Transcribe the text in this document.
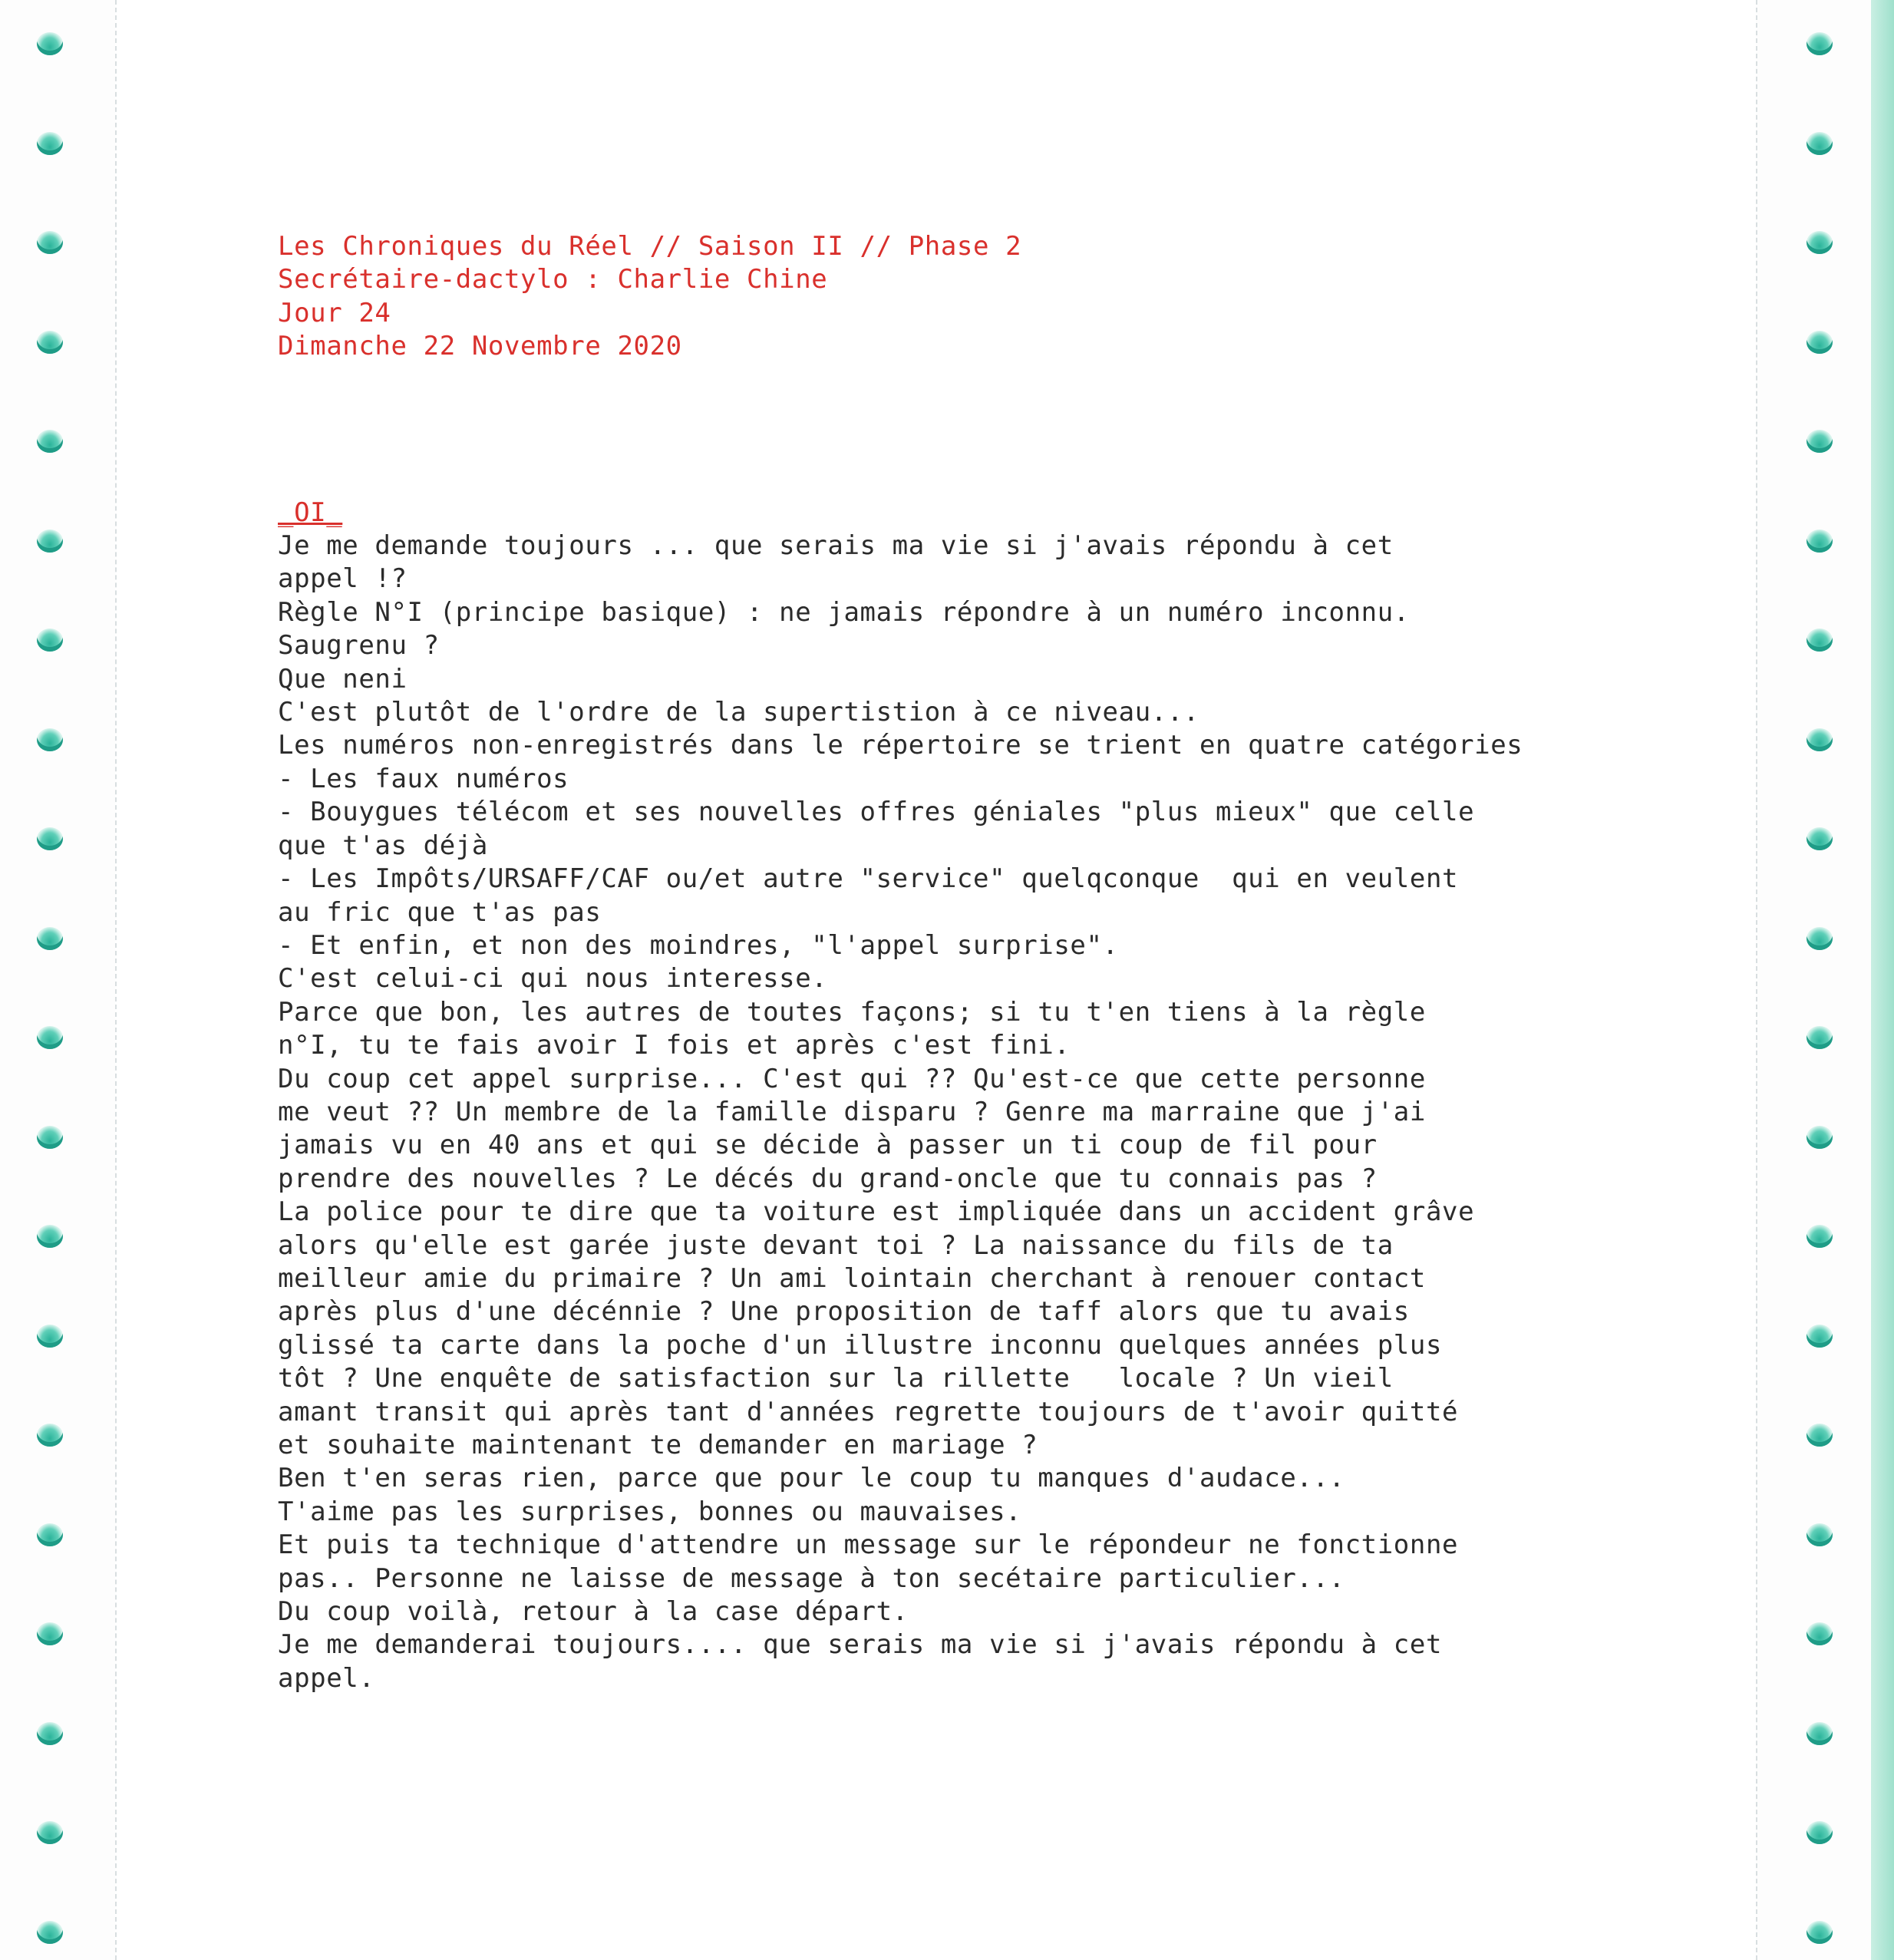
Les Chroniques du Réel // Saison II // Phase 2
Secrétaire-dactylo : Charlie Chine
Jour 24
Dimanche 22 Novembre 2020
_OI_
Je me demande toujours ... que serais ma vie si j'avais répondu à cet
appel !?
Règle N°I (principe basique) : ne jamais répondre à un numéro inconnu.
Saugrenu ?
Que neni
C'est plutôt de l'ordre de la supertistion à ce niveau...
Les numéros non-enregistrés dans le répertoire se trient en quatre catégories
- Les faux numéros
- Bouygues télécom et ses nouvelles offres géniales "plus mieux" que celle
que t'as déjà
- Les Impôts/URSAFF/CAF ou/et autre "service" quelqconque  qui en veulent
au fric que t'as pas
- Et enfin, et non des moindres, "l'appel surprise".
C'est celui-ci qui nous interesse.
Parce que bon, les autres de toutes façons; si tu t'en tiens à la règle
n°I, tu te fais avoir I fois et après c'est fini.
Du coup cet appel surprise... C'est qui ?? Qu'est-ce que cette personne
me veut ?? Un membre de la famille disparu ? Genre ma marraine que j'ai
jamais vu en 40 ans et qui se décide à passer un ti coup de fil pour
prendre des nouvelles ? Le décés du grand-oncle que tu connais pas ?
La police pour te dire que ta voiture est impliquée dans un accident grâve
alors qu'elle est garée juste devant toi ? La naissance du fils de ta
meilleur amie du primaire ? Un ami lointain cherchant à renouer contact
après plus d'une décénnie ? Une proposition de taff alors que tu avais
glissé ta carte dans la poche d'un illustre inconnu quelques années plus
tôt ? Une enquête de satisfaction sur la rillette   locale ? Un vieil
amant transit qui après tant d'années regrette toujours de t'avoir quitté
et souhaite maintenant te demander en mariage ?
Ben t'en seras rien, parce que pour le coup tu manques d'audace...
T'aime pas les surprises, bonnes ou mauvaises.
Et puis ta technique d'attendre un message sur le répondeur ne fonctionne
pas.. Personne ne laisse de message à ton secétaire particulier...
Du coup voilà, retour à la case départ.
Je me demanderai toujours.... que serais ma vie si j'avais répondu à cet
appel.
